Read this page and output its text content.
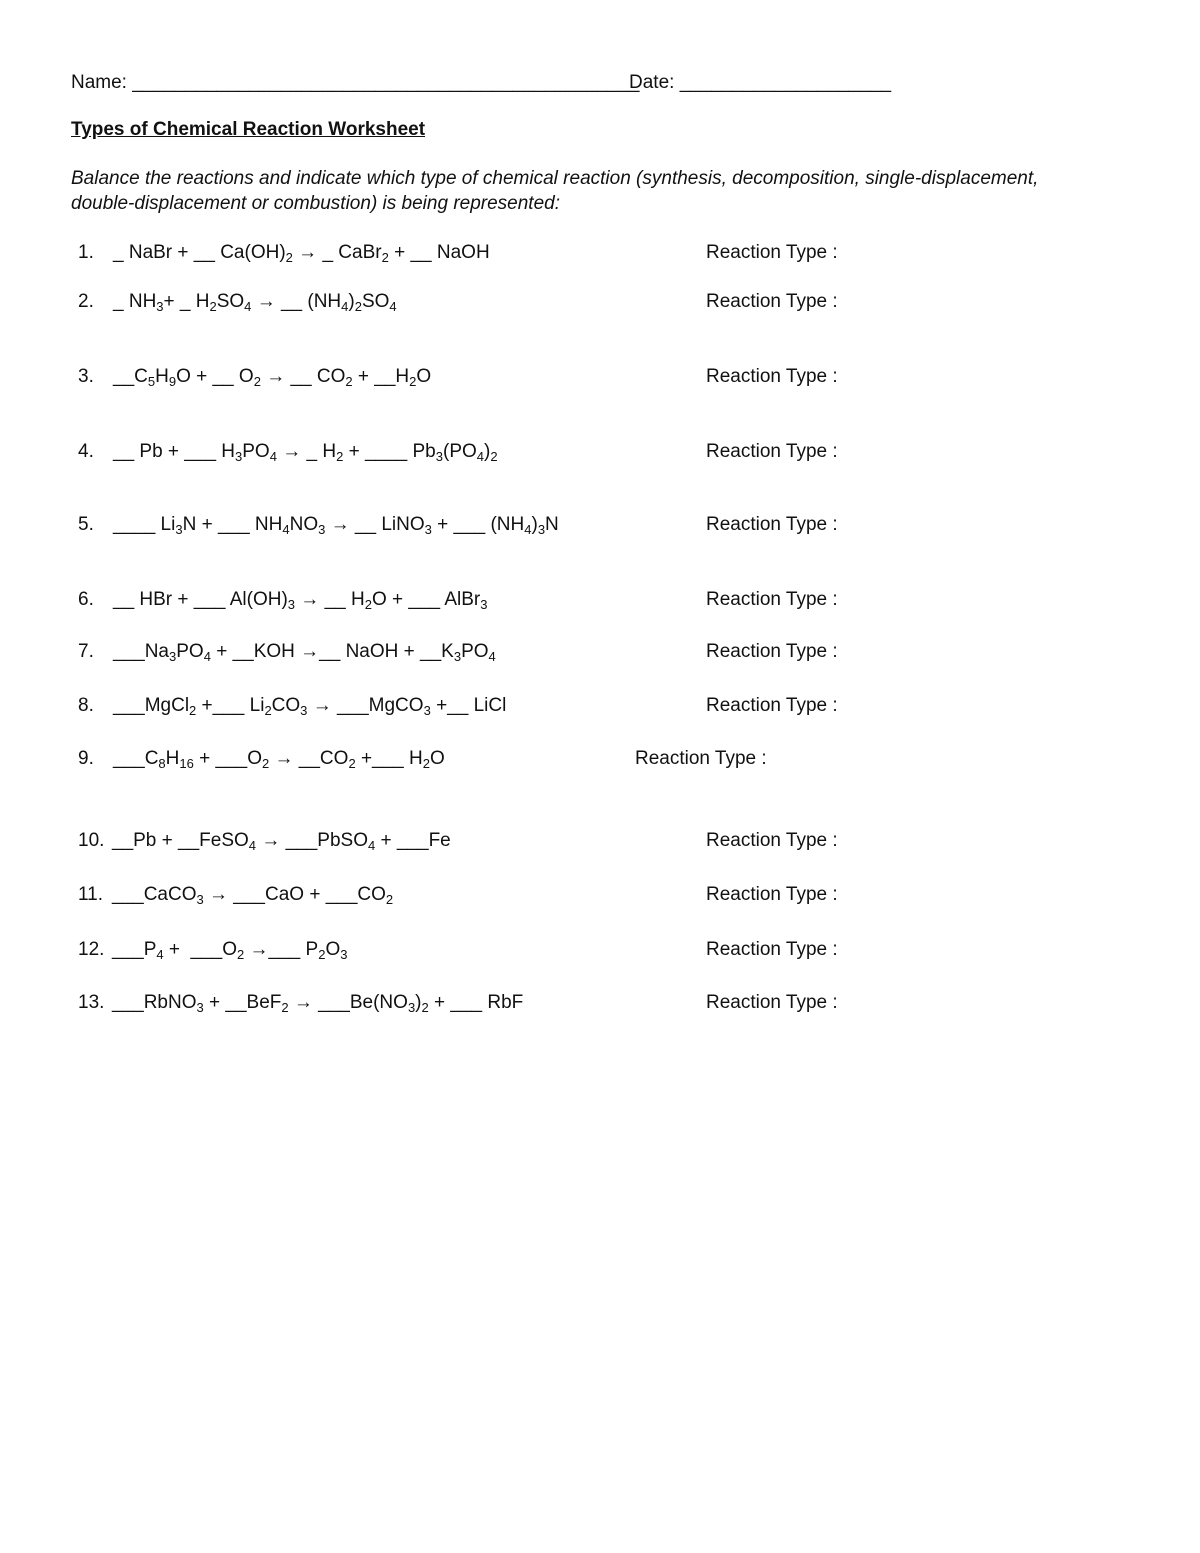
Name: ________________________________________________
Date: ____________________
Types of Chemical Reaction Worksheet
Balance the reactions and indicate which type of chemical reaction (synthesis, decomposition, single-displacement, double-displacement or combustion) is being represented:
1. _ NaBr + __ $Ca(OH)_2$ → _ CaBr$_2$ + __ NaOH	Reaction Type :
2. _ $NH_3+$ _ $H_2SO_4$ → __ $(NH_4)_2SO_4$	Reaction Type :
3. $\_\_C_5H_9O$ + __ $O_2$ → __ $CO_2$ + $\_\_H_2O$	Reaction Type :
4. __ Pb + ___ $H_3PO_4$ → _ $H_2$ + ____ $Pb_3(PO_4)_2$	Reaction Type :
5. ____ $Li_3N$ + ___ $NH_4NO_3$ → __ LiNO$_3$ + ___ $(NH_4)_3N$	Reaction Type :
6. __ HBr + ___ $Al(OH)_3$ → __ $H_2O$ + ___ AlBr$_3$	Reaction Type :
7. $\_\_\_Na_3PO_4$ + __KOH →__ NaOH + $\_\_K_3PO_4$	Reaction Type :
8. ___MgCl$_2$ +___ $Li_2CO_3$ → ___MgCO$_3$ +__ LiCl	Reaction Type :
9. $\_\_\_C_8H_{16}$ + $\_\_\_O_2$ → $\_\_CO_2$ +___ $H_2O$	Reaction Type :
10. __Pb + __FeSO$_4$ → ___PbSO$_4$ + ___Fe	Reaction Type :
11. ___CaCO$_3$ → ___CaO + $\_\_\_CO_2$	Reaction Type :
12. $\_\_\_P_4$ +  $\_\_\_O_2$ →___ $P_2O_3$	Reaction Type :
13. ___RbNO$_3$ + __BeF$_2$ → $\_\_\_Be(NO_3)_2$ + ___ RbF	Reaction Type :
